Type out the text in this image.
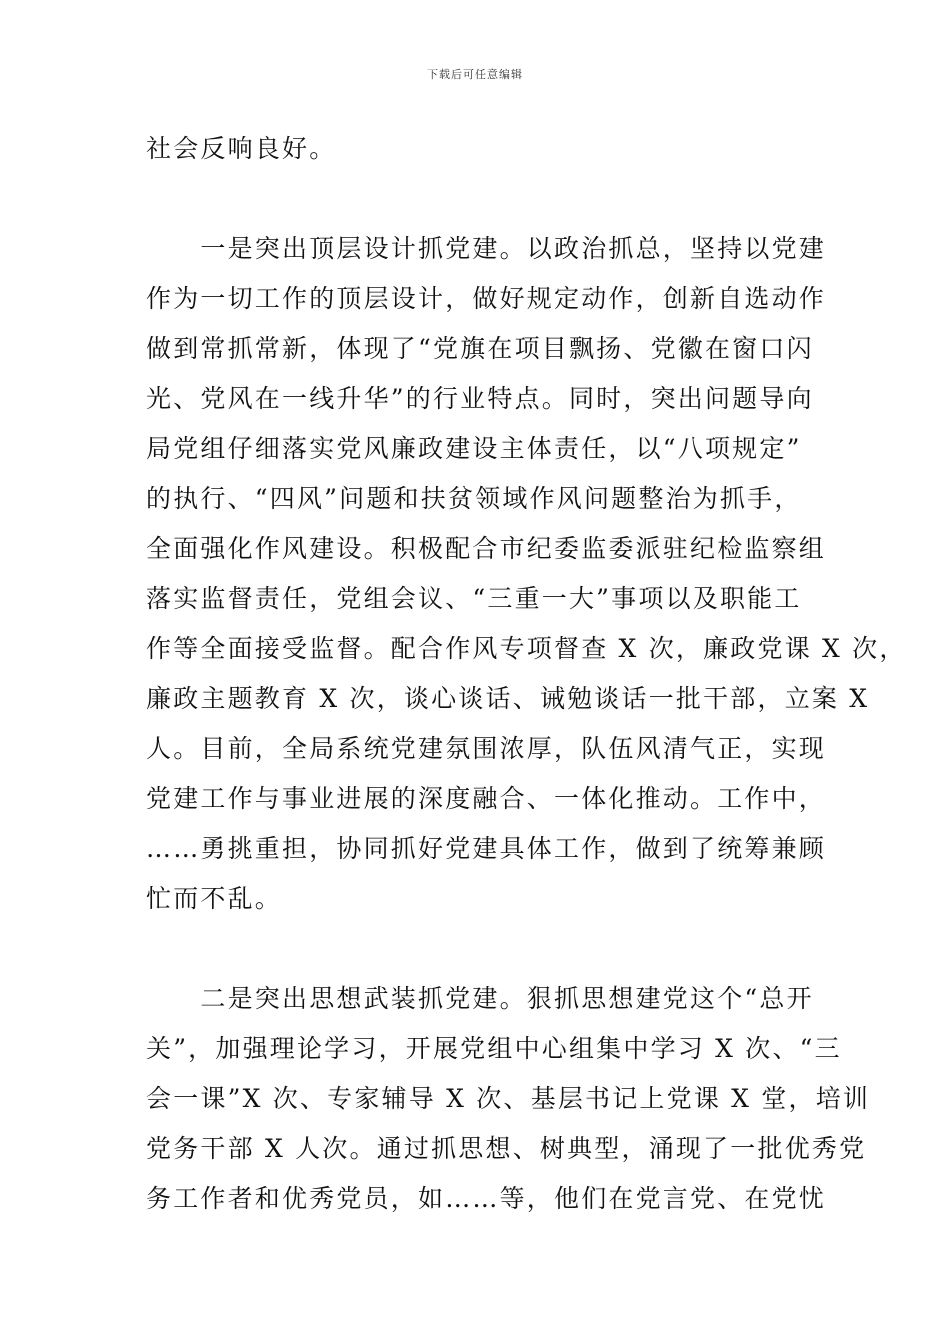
下载后可任意编辑
社会反响良好。
　　一是突出顶层设计抓党建。以政治抓总，坚持以党建
作为一切工作的顶层设计，做好规定动作，创新自选动作
做到常抓常新，体现了“党旗在项目飘扬、党徽在窗口闪
光、党风在一线升华”的行业特点。同时，突出问题导向
局党组仔细落实党风廉政建设主体责任，以“八项规定”
的执行、“四风”问题和扶贫领域作风问题整治为抓手，
全面强化作风建设。积极配合市纪委监委派驻纪检监察组
落实监督责任，党组会议、“三重一大”事项以及职能工
作等全面接受监督。配合作风专项督查 X 次，廉政党课 X 次，
廉政主题教育 X 次，谈心谈话、诫勉谈话一批干部，立案 X
人。目前，全局系统党建氛围浓厚，队伍风清气正，实现
党建工作与事业进展的深度融合、一体化推动。工作中，
……勇挑重担，协同抓好党建具体工作，做到了统筹兼顾
忙而不乱。
　　二是突出思想武装抓党建。狠抓思想建党这个“总开
关”，加强理论学习，开展党组中心组集中学习 X 次、“三
会一课”X 次、专家辅导 X 次、基层书记上党课 X 堂，培训
党务干部 X 人次。通过抓思想、树典型，涌现了一批优秀党
务工作者和优秀党员，如……等，他们在党言党、在党忧
